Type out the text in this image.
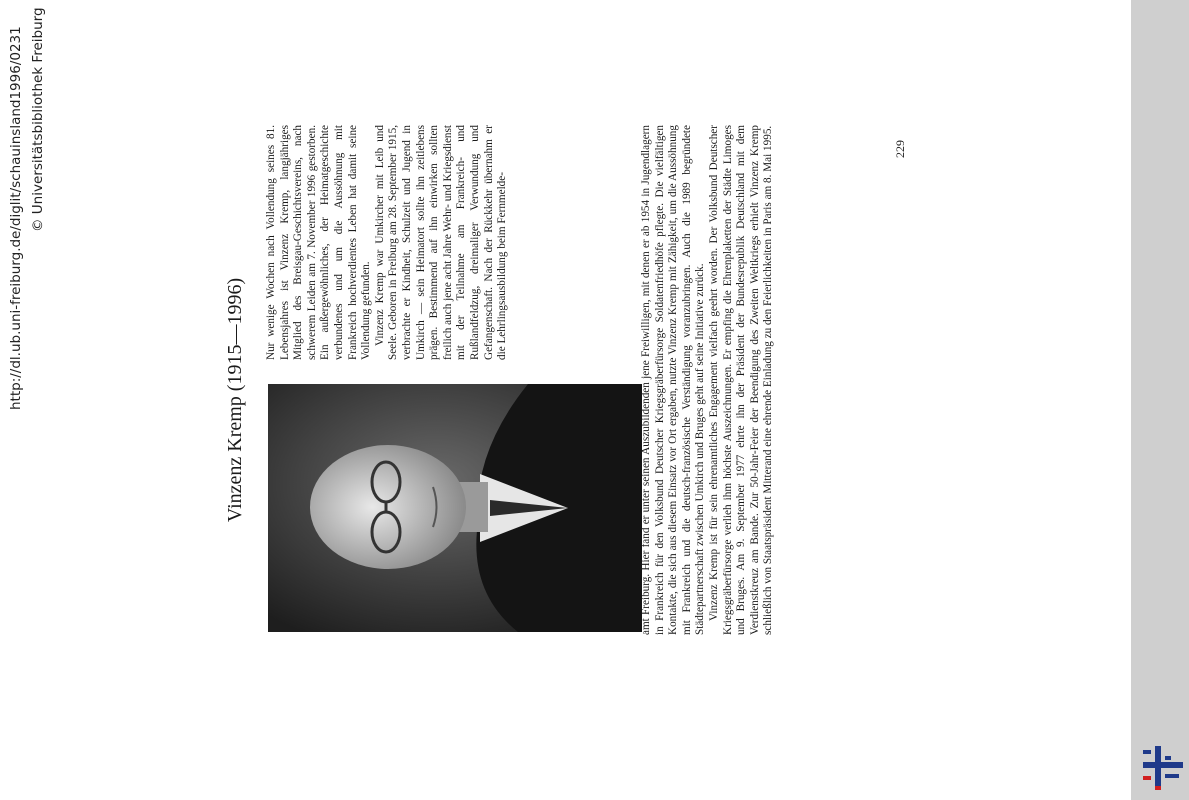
Vinzenz Kremp (1915—1996)

Nur wenige Wochen nach Vollendung seines 81. Lebensjahres ist Vinzenz Kremp, langjähriges Mitglied des Breisgau-Geschichtsvereins, nach schwerem Leiden am 7. November 1996 gestorben. Ein außergewöhnliches, der Heimatgeschichte verbundenes und um die Aussöhnung mit Frankreich hochverdientes Leben hat damit seine Vollendung gefunden. Vinzenz Kremp war Umkircher mit Leib und Seele. Geboren in Freiburg am 28. September 1915, verbrachte er Kindheit, Schulzeit und Jugend in Umkirch — sein Heimatort sollte ihn zeitlebens prägen. Bestimmend auf ihn einwirken sollten freilich auch jene acht Jahre Wehr- und Kriegsdienst mit der Teilnahme am Frankreich- und Rußlandfeldzug, dreimaliger Verwundung und Gefangenschaft. Nach der Rückkehr übernahm er die Lehrlingsausbildung beim Fernmelde-	amt Freiburg. Hier fand er unter seinen Auszubildenden jene Freiwilligen, mit denen er ab 1954 in Jugendlagern in Frankreich für den Volksbund Deutscher Kriegsgräberfürsorge Soldatenfriedhöfe pflegte. Die vielfältigen Kontakte, die sich aus diesem Einsatz vor Ort ergaben, nutzte Vinzenz Kremp mit Zähigkeit, um die Aussöhnung mit Frankreich und die deutsch-französische Verständigung voranzubringen. Auch die 1989 begründete Städtepartnerschaft zwischen Umkirch und Bruges geht auf seine Initiative zurück. Vinzenz Kremp ist für sein ehrenamtliches Engagement vielfach geehrt worden. Der Volksbund Deutscher Kriegsgräberfürsorge verlieh ihm höchste Auszeichnungen. Er empfing die Ehrenplaketten der Städte Limoges und Bruges. Am 9. September 1977 ehrte ihn der Präsident der Bundesrepublik Deutschland mit dem Verdienstkreuz am Bande. Zur 50-Jahr-Feier der Beendigung des Zweiten Weltkriegs erhielt Vinzenz Kremp schließlich von Staatspräsident Mitterand eine ehrende Einladung zu den Feierlichkeiten in Paris am 8. Mai 1995.	229
http://dl.ub.uni-freiburg.de/diglit/schauinsland1996/0231 © Universitätsbibliothek Freiburg
